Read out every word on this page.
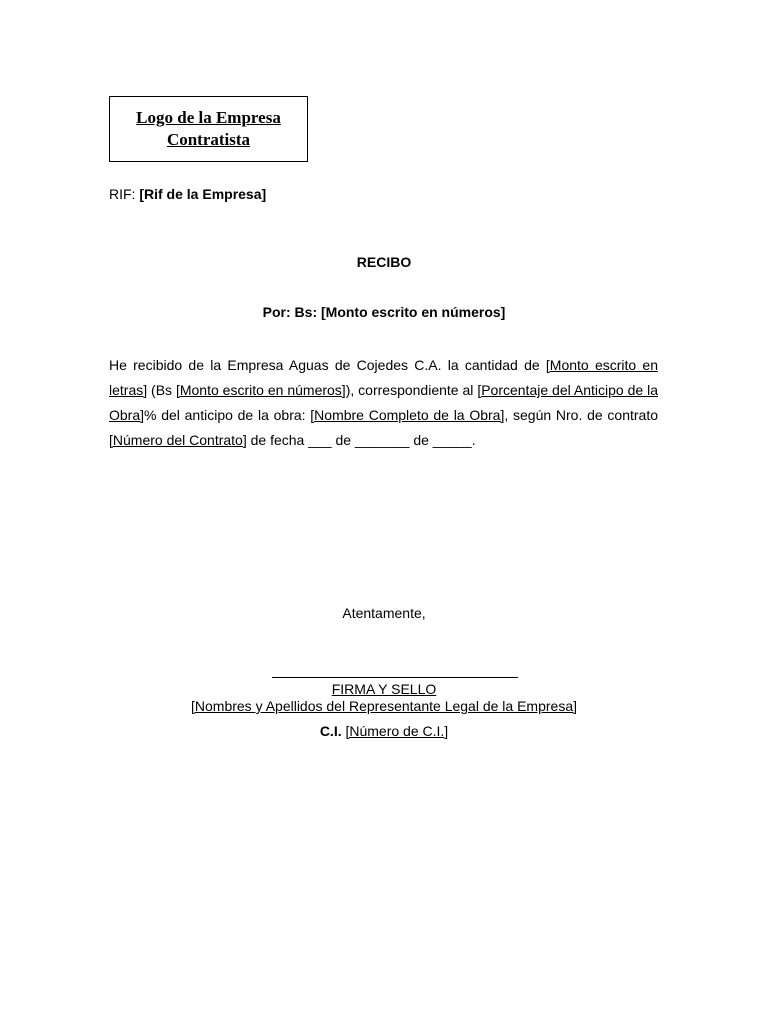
Logo de la Empresa
Contratista
RIF: [Rif de la Empresa]
RECIBO
Por: Bs: [Monto escrito en números]
He recibido de la Empresa Aguas de Cojedes C.A. la cantidad de [Monto escrito en letras] (Bs [Monto escrito en números]), correspondiente al [Porcentaje del Anticipo de la Obra]% del anticipo de la obra: [Nombre Completo de la Obra], según Nro. de contrato [Número del Contrato] de fecha ___ de _______ de _____.
Atentamente,
FIRMA Y SELLO
[Nombres y Apellidos del Representante Legal de la Empresa]
C.I. [Número de C.I.]
